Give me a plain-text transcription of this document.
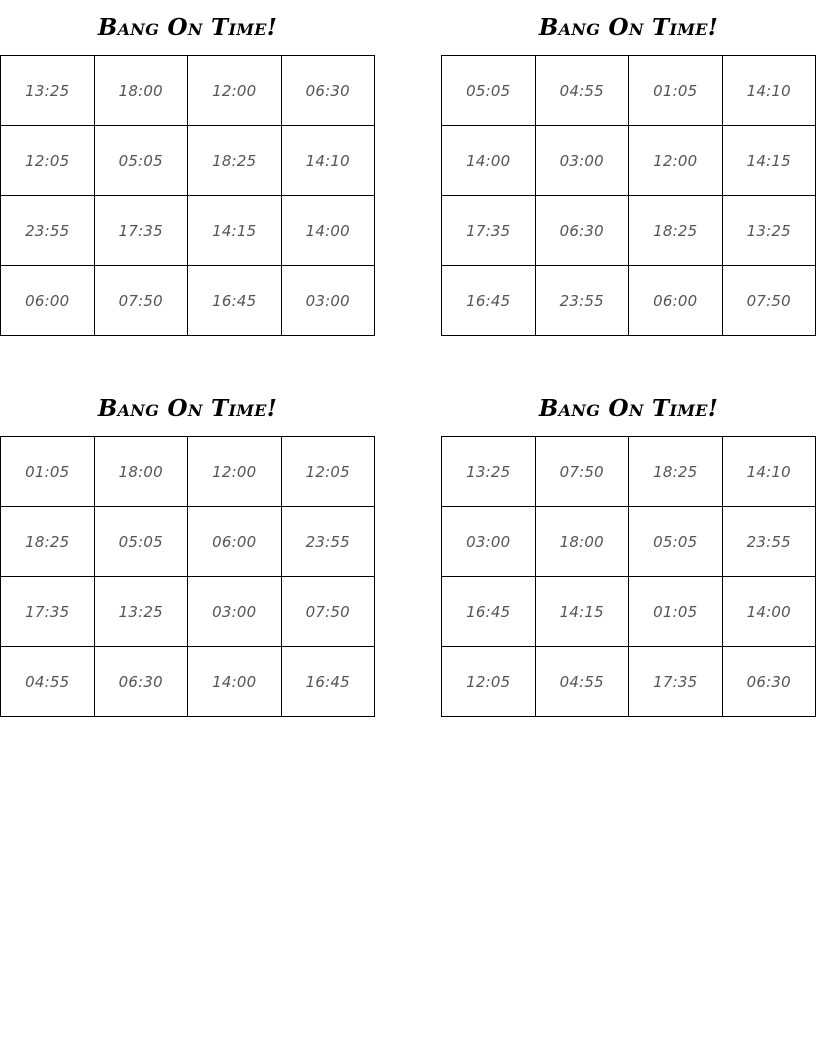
Bang On Time!
13:25	18:00	12:00	06:30
12:05	05:05	18:25	14:10
23:55	17:35	14:15	14:00
06:00	07:50	16:45	03:00
Bang On Time!
05:05	04:55	01:05	14:10
14:00	03:00	12:00	14:15
17:35	06:30	18:25	13:25
16:45	23:55	06:00	07:50
Bang On Time!
01:05	18:00	12:00	12:05
18:25	05:05	06:00	23:55
17:35	13:25	03:00	07:50
04:55	06:30	14:00	16:45
Bang On Time!
13:25	07:50	18:25	14:10
03:00	18:00	05:05	23:55
16:45	14:15	01:05	14:00
12:05	04:55	17:35	06:30
